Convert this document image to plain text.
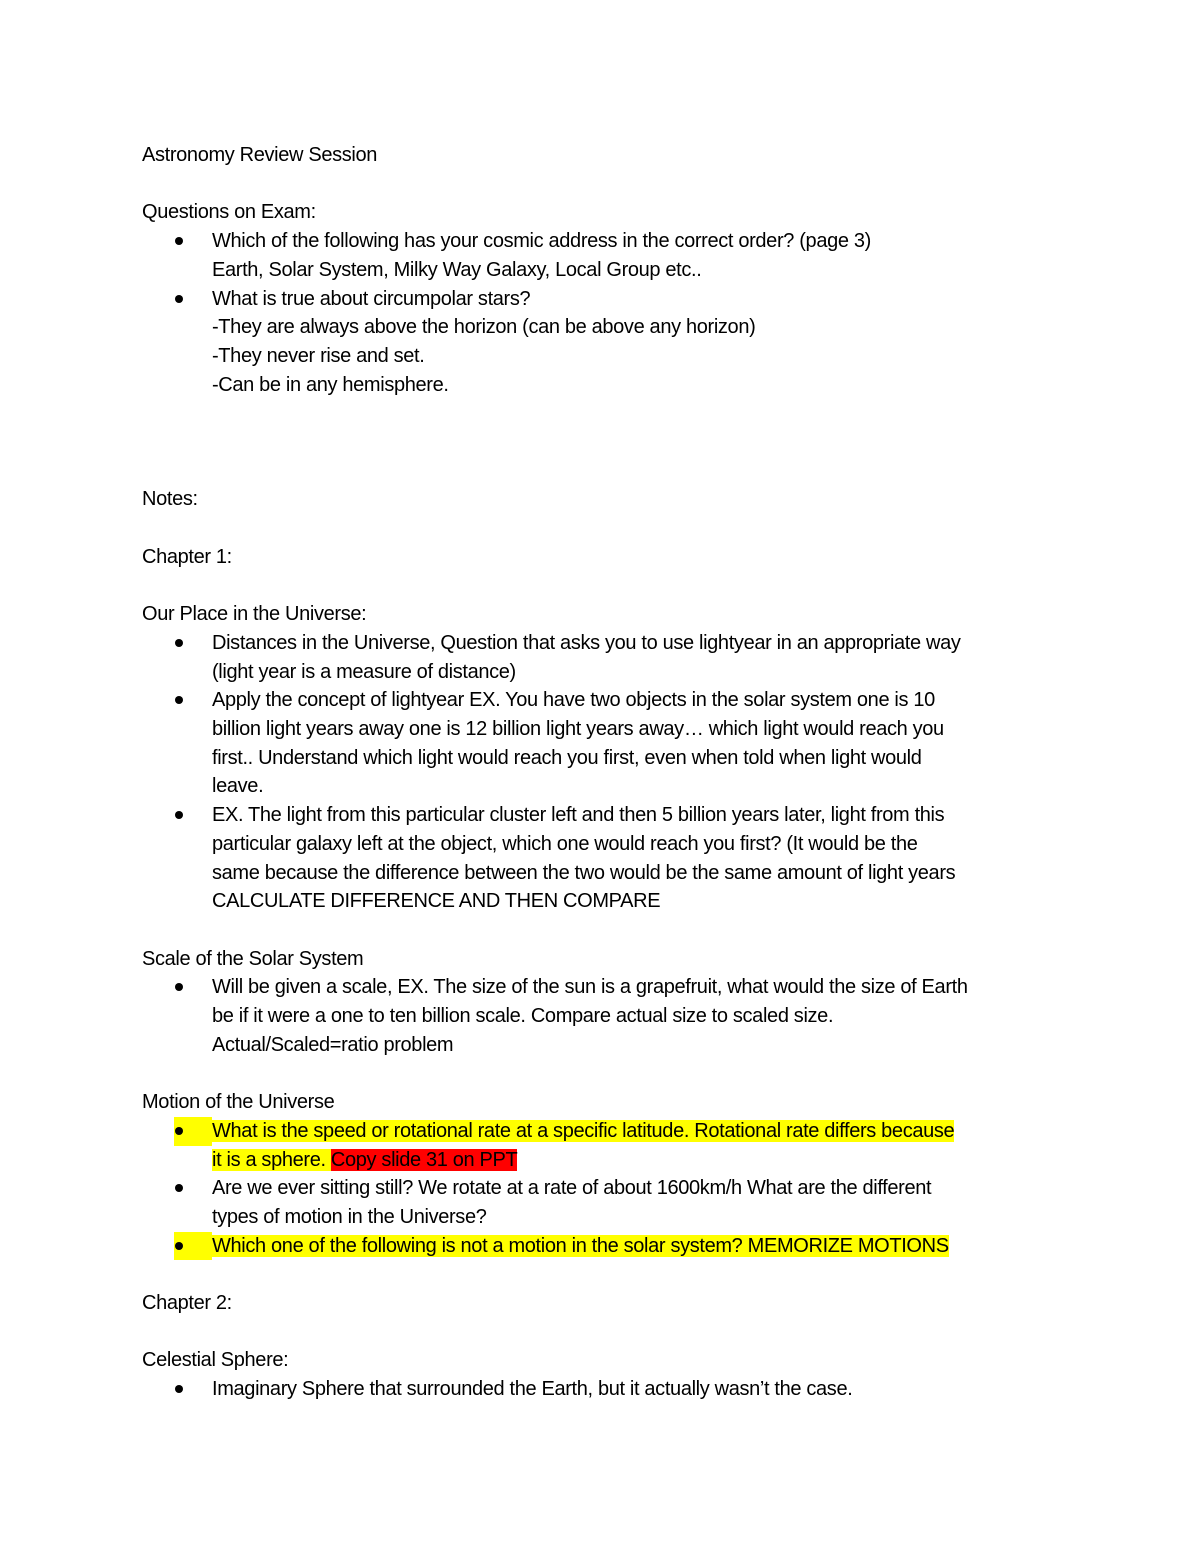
Astronomy Review Session
Questions on Exam:
Which of the following has your cosmic address in the correct order? (page 3)
Earth, Solar System, Milky Way Galaxy, Local Group etc..
What is true about circumpolar stars?
-They are always above the horizon (can be above any horizon)
-They never rise and set.
-Can be in any hemisphere.
Notes:
Chapter 1:
Our Place in the Universe:
Distances in the Universe, Question that asks you to use lightyear in an appropriate way
(light year is a measure of distance)
Apply the concept of lightyear EX. You have two objects in the solar system one is 10
billion light years away one is 12 billion light years away… which light would reach you
first.. Understand which light would reach you first, even when told when light would
leave.
EX. The light from this particular cluster left and then 5 billion years later, light from this
particular galaxy left at the object, which one would reach you first? (It would be the
same because the difference between the two would be the same amount of light years
CALCULATE DIFFERENCE AND THEN COMPARE
Scale of the Solar System
Will be given a scale, EX. The size of the sun is a grapefruit, what would the size of Earth
be if it were a one to ten billion scale. Compare actual size to scaled size.
Actual/Scaled=ratio problem
Motion of the Universe
What is the speed or rotational rate at a specific latitude. Rotational rate differs because
it is a sphere. Copy slide 31 on PPT
Are we ever sitting still? We rotate at a rate of about 1600km/h What are the different
types of motion in the Universe?
Which one of the following is not a motion in the solar system? MEMORIZE MOTIONS
Chapter 2:
Celestial Sphere:
Imaginary Sphere that surrounded the Earth, but it actually wasn’t the case.
